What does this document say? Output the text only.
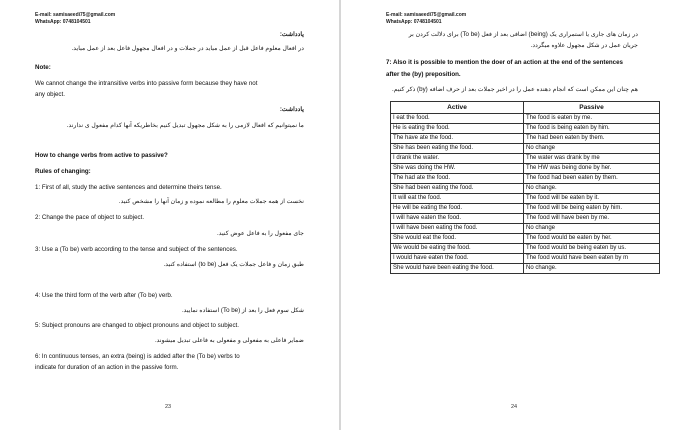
E-mail: samisaeedi75@gmail.com
WhatsApp: 0748104501
یادداشت:
در افعال معلوم فاعل قبل از عمل میاید در جملات و در افعال مجهول فاعل بعد از عمل میاید.
Note:
We cannot change the intransitive verbs into passive form because they have not
any object.
یادداشت:
ما نمیتوانیم که افعال لازمی را به شکل مجهول تبدیل کنیم بخاطریکه آنها کدام مفعول ی ندارند.
How to change verbs from active to passive?
Rules of changing:
1: First of all, study the active sentences and determine theirs tense.
نخست از همه جملات معلوم را مطالعه نموده و زمان آنها را مشخص کنید.
2: Change the pace of object to subject.
جای مفعول را به فاعل عوض کنید.
3: Use a (To be) verb according to the tense and subject of the sentences.
طبق زمان و فاعل جملات یک فعل (to be) استفاده کنید.
4: Use the third form of the verb after (To be) verb.
شکل سوم فعل را بعد از (To be) استفاده نمایید.
5: Subject pronouns are changed to object pronouns and object to subject.
ضمایر فاعلی به مفعولی و مفعولی به فاعلی تبدیل میشوند.
6: In continuous tenses, an extra (being) is added after the (To be) verbs to
indicate for duration of an action in the passive form.
23
E-mail: samisaeedi75@gmail.com
WhatsApp: 0748104501
در زمان های جاری یا استمراری یک (being) اضافی بعد از فعل (To be) برای دلالت کردن بر
جریان عمل در شکل مجهول علاوه میگردد.
7: Also it is possible to mention the doer of an action at the end of the sentences
after the (by) preposition.
هم چنان این ممکن است که انجام دهنده عمل را در اخیر جملات بعد از حرف اضافه (by) ذکر کنیم.
Active	Passive
I eat the food.	The food is eaten by me.
He is eating the food.	The food is being eaten by him.
The have ate the food.	The had been eaten by them.
She has been eating the food.	No change
I drank the water.	The water was drank by me
She was doing the HW.	The HW was being done by her.
The had ate the food.	The food had been eaten by them.
She had been eating the food.	No change.
It will eat the food.	The food will be eaten by it.
He will be eating the food.	The food will be being eaten by him.
I will have eaten the food.	The food will have been by me.
I will have been eating the food.	No change
She would eat the food.	The food would be eaten by her.
We would be eating the food.	The food would be being eaten by us.
I would have eaten the food.	The food would have been eaten by m
She would have been eating the food.	No change.
24
